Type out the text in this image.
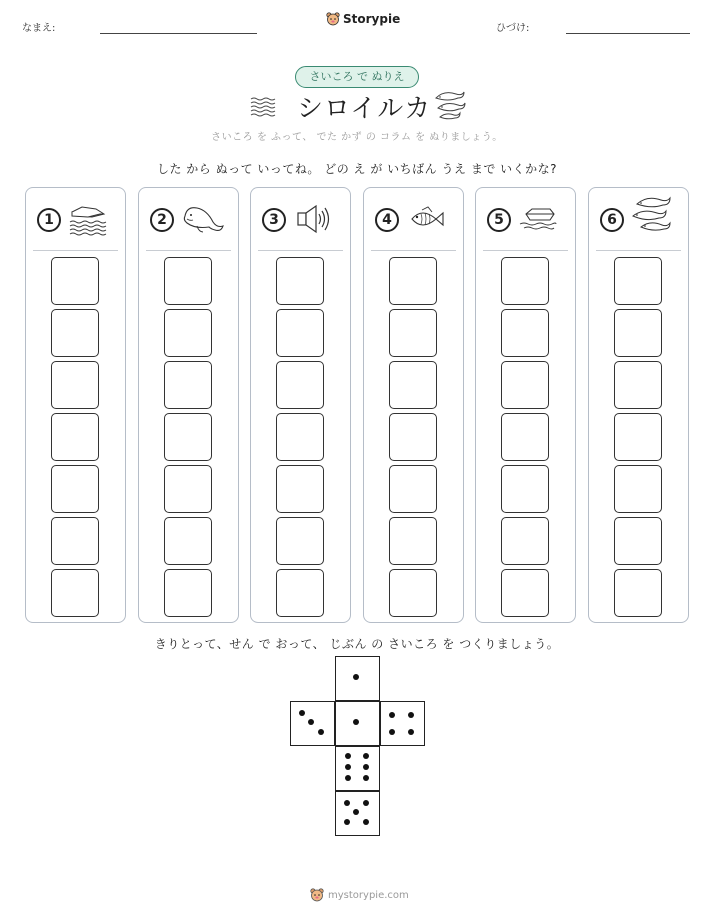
なまえ:
Storypie
ひづけ:
さいころ で ぬりえ
シロイルカ
さいころ を ふって、 でた かず の コラム を ぬりましょう。
した から ぬって いってね。 どの え が いちばん うえ まで いくかな?
1	2	3	4	5	6
きりとって、せん で おって、 じぶん の さいころ を つくりましょう。
mystorypie.com
